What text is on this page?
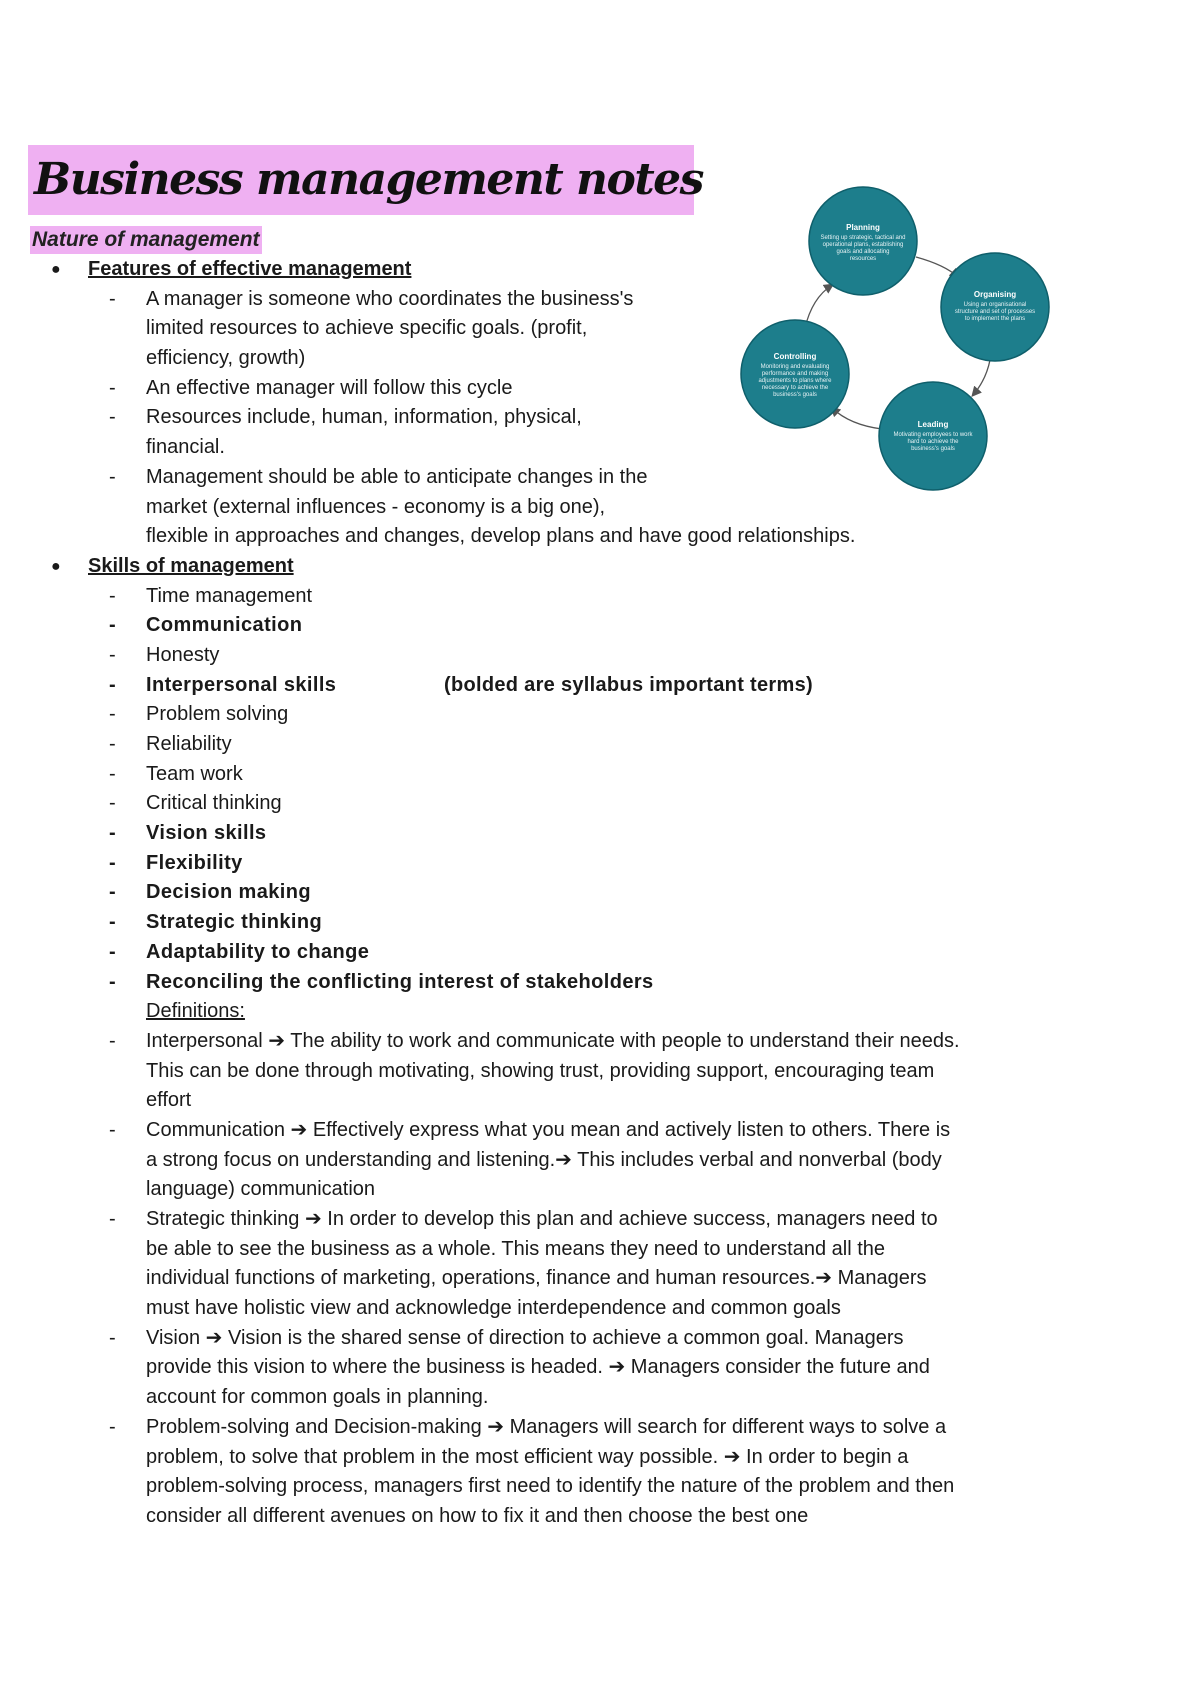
Business management notes
Nature of management
Planning
Setting up strategic, tactical and
operational plans, establishing
goals and allocating
resources
Organising
Using an organisational
structure and set of processes
to implement the plans
Leading
Motivating employees to work
hard to achieve the
business's goals
Controlling
Monitoring and evaluating
performance and making
adjustments to plans where
necessary to achieve the
business's goals
● Features of effective management
- A manager is someone who coordinates the business's
limited resources to achieve specific goals. (profit,
efficiency, growth)
- An effective manager will follow this cycle
- Resources include, human, information, physical,
financial.
- Management should be able to anticipate changes in the
market (external influences - economy is a big one),
flexible in approaches and changes, develop plans and have good relationships.
● Skills of management
- Time management
- Communication
- Honesty
- Interpersonal skills	(bolded are syllabus important terms)
- Problem solving
- Reliability
- Team work
- Critical thinking
- Vision skills
- Flexibility
- Decision making
- Strategic thinking
- Adaptability to change
- Reconciling the conflicting interest of stakeholders
Definitions:
- Interpersonal ➔ The ability to work and communicate with people to understand their needs.
This can be done through motivating, showing trust, providing support, encouraging team
effort
- Communication ➔ Effectively express what you mean and actively listen to others. There is
a strong focus on understanding and listening.➔ This includes verbal and nonverbal (body
language) communication
- Strategic thinking ➔ In order to develop this plan and achieve success, managers need to
be able to see the business as a whole. This means they need to understand all the
individual functions of marketing, operations, finance and human resources.➔ Managers
must have holistic view and acknowledge interdependence and common goals
- Vision ➔ Vision is the shared sense of direction to achieve a common goal. Managers
provide this vision to where the business is headed. ➔ Managers consider the future and
account for common goals in planning.
- Problem-solving and Decision-making ➔ Managers will search for different ways to solve a
problem, to solve that problem in the most efficient way possible. ➔ In order to begin a
problem-solving process, managers first need to identify the nature of the problem and then
consider all different avenues on how to fix it and then choose the best one
